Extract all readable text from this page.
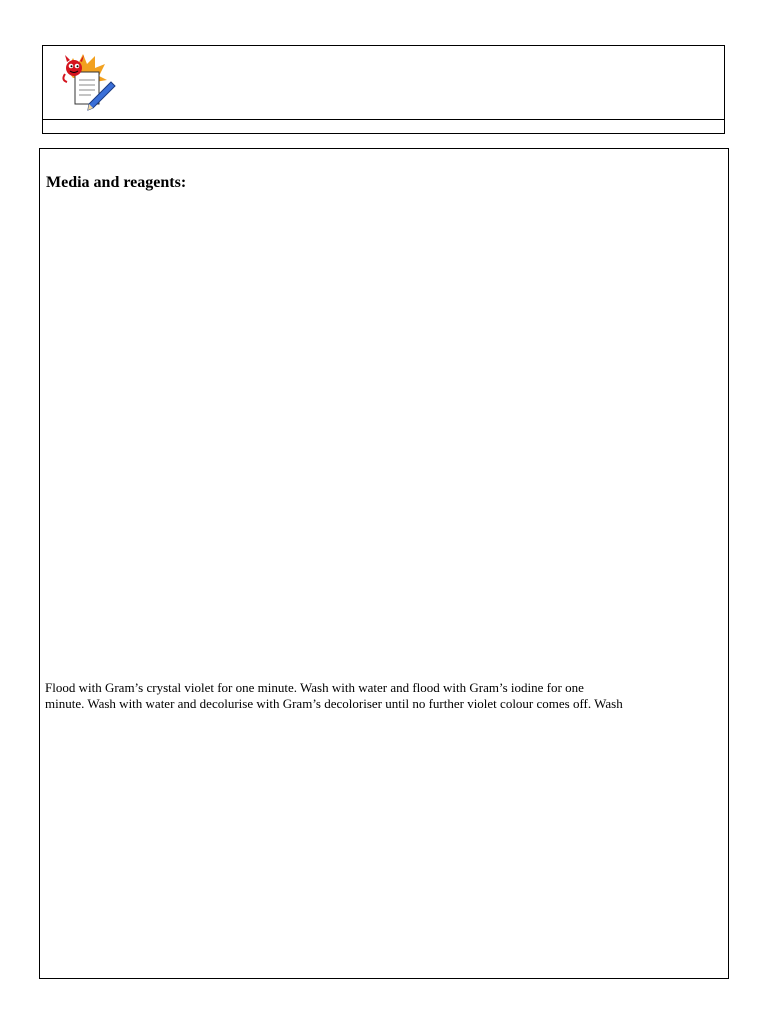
Media and reagents:

Flood with Gram’s crystal violet for one minute. Wash with water and flood with Gram’s iodine for one
minute. Wash with water and decolurise with Gram’s decoloriser until no further violet colour comes off. Wash
